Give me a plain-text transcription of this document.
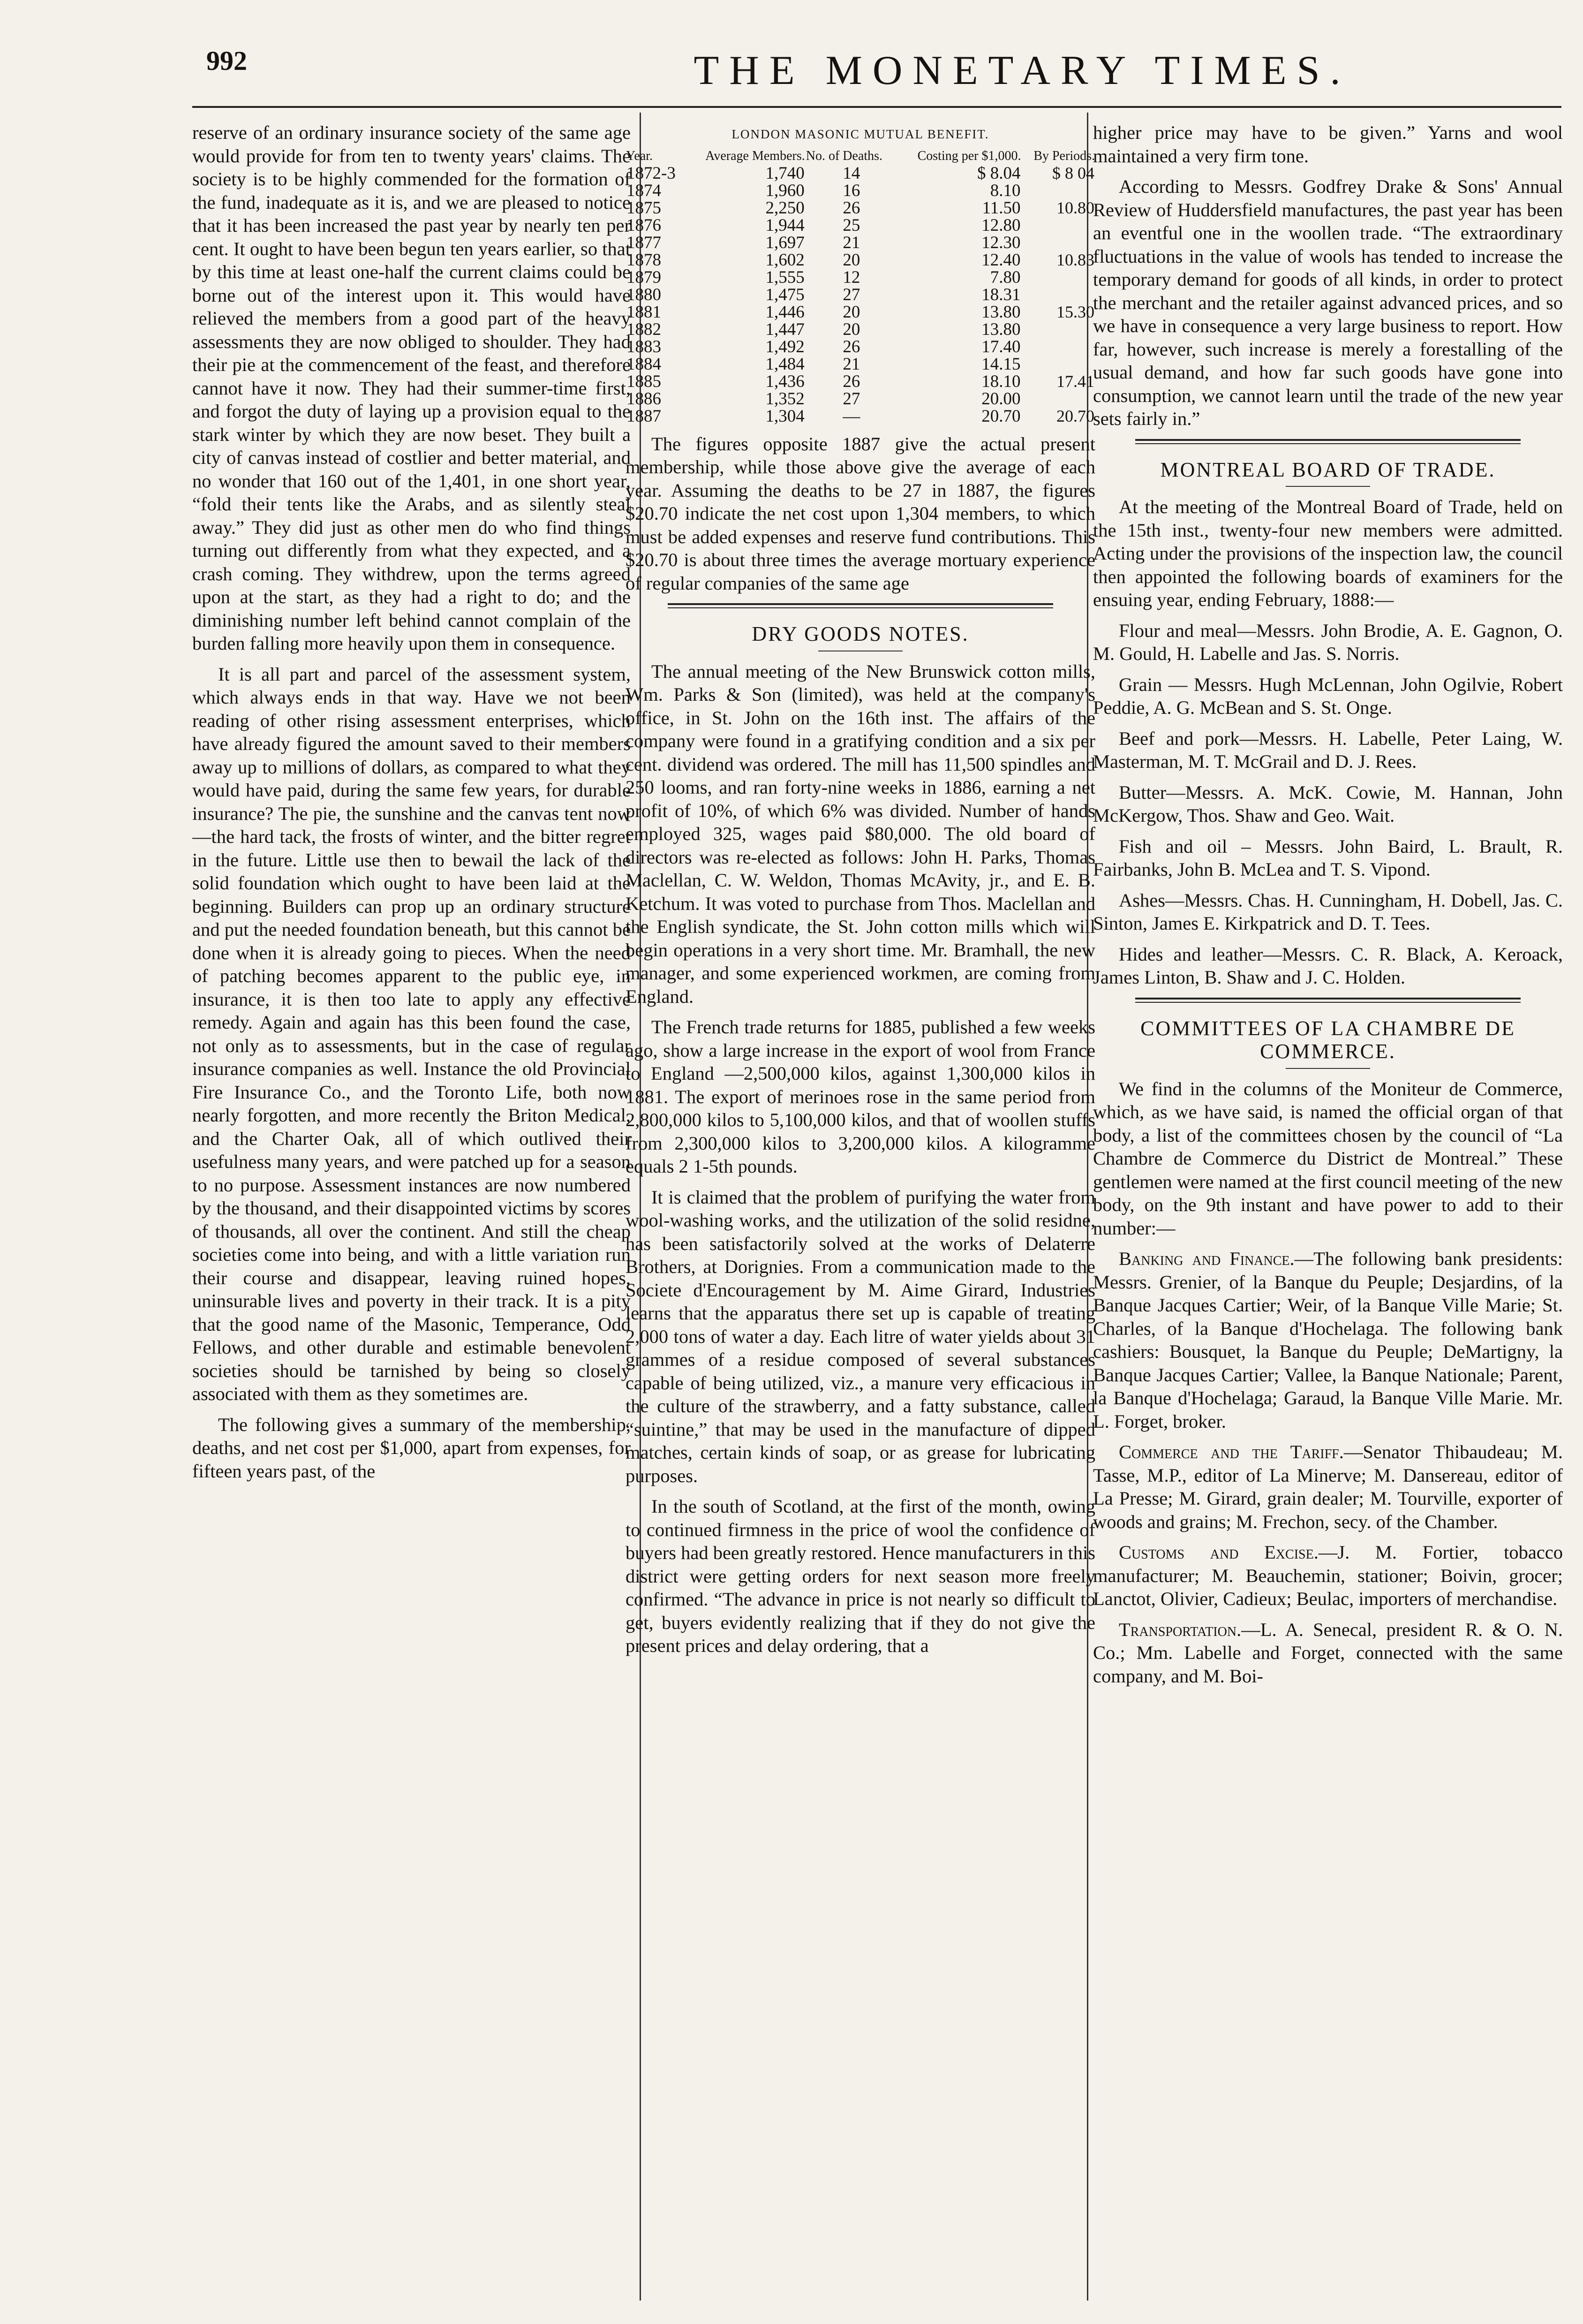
992	THE MONETARY TIMES.

reserve of an ordinary insurance society of the same age would provide for from ten to twenty years' claims. The society is to be highly commended for the formation of the fund, inadequate as it is, and we are pleased to notice that it has been increased the past year by nearly ten per cent. It ought to have been begun ten years earlier, so that by this time at least one-half the current claims could be borne out of the interest upon it. This would have relieved the members from a good part of the heavy assessments they are now obliged to shoulder. They had their pie at the commencement of the feast, and therefore cannot have it now. They had their summer-time first, and forgot the duty of laying up a provision equal to the stark winter by which they are now beset. They built a city of canvas instead of costlier and better material, and no wonder that 160 out of the 1,401, in one short year, “fold their tents like the Arabs, and as silently steal away.” They did just as other men do who find things turning out differently from what they expected, and a crash coming. They withdrew, upon the terms agreed upon at the start, as they had a right to do; and the diminishing number left behind cannot complain of the burden falling more heavily upon them in consequence.

It is all part and parcel of the assessment system, which always ends in that way. Have we not been reading of other rising assessment enterprises, which have already figured the amount saved to their members away up to millions of dollars, as compared to what they would have paid, during the same few years, for durable insurance? The pie, the sunshine and the canvas tent now—the hard tack, the frosts of winter, and the bitter regret in the future. Little use then to bewail the lack of the solid foundation which ought to have been laid at the beginning. Builders can prop up an ordinary structure and put the needed foundation beneath, but this cannot be done when it is already going to pieces. When the need of patching becomes apparent to the public eye, in insurance, it is then too late to apply any effective remedy. Again and again has this been found the case, not only as to assessments, but in the case of regular insurance companies as well. Instance the old Provincial Fire Insurance Co., and the Toronto Life, both now nearly forgotten, and more recently the Briton Medical, and the Charter Oak, all of which outlived their usefulness many years, and were patched up for a season to no purpose. Assessment instances are now numbered by the thousand, and their disappointed victims by scores of thousands, all over the continent. And still the cheap societies come into being, and with a little variation run their course and disappear, leaving ruined hopes, uninsurable lives and poverty in their track. It is a pity that the good name of the Masonic, Temperance, Odd Fellows, and other durable and estimable benevolent societies should be tarnished by being so closely associated with them as they sometimes are.

The following gives a summary of the membership, deaths, and net cost per $1,000, apart from expenses, for fifteen years past, of the

LONDON MASONIC MUTUAL BENEFIT.
Year.	Average Members.	No. of Deaths.	Costing per $1,000.	By Periods.
1872-3	1,740	14	$ 8.04	$ 8 04
1874	1,960	16	8.10	
1875	2,250	26	11.50	10.80
1876	1,944	25	12.80	
1877	1,697	21	12.30	
1878	1,602	20	12.40	10.83
1879	1,555	12	7.80	
1880	1,475	27	18.31	
1881	1,446	20	13.80	15.30
1882	1,447	20	13.80	
1883	1,492	26	17.40	
1884	1,484	21	14.15	
1885	1,436	26	18.10	17.41
1886	1,352	27	20.00	
1887	1,304	—	20.70	20.70

The figures opposite 1887 give the actual present membership, while those above give the average of each year. Assuming the deaths to be 27 in 1887, the figures $20.70 indicate the net cost upon 1,304 members, to which must be added expenses and reserve fund contributions. This $20.70 is about three times the average mortuary experience of regular companies of the same age

DRY GOODS NOTES.

The annual meeting of the New Brunswick cotton mills, Wm. Parks & Son (limited), was held at the company's office, in St. John on the 16th inst. The affairs of the company were found in a gratifying condition and a six per cent. dividend was ordered. The mill has 11,500 spindles and 250 looms, and ran forty-nine weeks in 1886, earning a net profit of 10%, of which 6% was divided. Number of hands employed 325, wages paid $80,000. The old board of directors was re-elected as follows: John H. Parks, Thomas Maclellan, C. W. Weldon, Thomas McAvity, jr., and E. B. Ketchum. It was voted to purchase from Thos. Maclellan and the English syndicate, the St. John cotton mills which will begin operations in a very short time. Mr. Bramhall, the new manager, and some experienced workmen, are coming from England.

The French trade returns for 1885, published a few weeks ago, show a large increase in the export of wool from France to England —2,500,000 kilos, against 1,300,000 kilos in 1881. The export of merinoes rose in the same period from 2,800,000 kilos to 5,100,000 kilos, and that of woollen stuffs from 2,300,000 kilos to 3,200,000 kilos. A kilogramme equals 2 1-5th pounds.

It is claimed that the problem of purifying the water from wool-washing works, and the utilization of the solid residne, has been satisfactorily solved at the works of Delaterre Brothers, at Dorignies. From a communication made to the Societe d'Encouragement by M. Aime Girard, Industries learns that the apparatus there set up is capable of treating 2,000 tons of water a day. Each litre of water yields about 31 grammes of a residue composed of several substances capable of being utilized, viz., a manure very efficacious in the culture of the strawberry, and a fatty substance, called “suintine,” that may be used in the manufacture of dipped matches, certain kinds of soap, or as grease for lubricating purposes.

In the south of Scotland, at the first of the month, owing to continued firmness in the price of wool the confidence of buyers had been greatly restored. Hence manufacturers in this district were getting orders for next season more freely confirmed. “The advance in price is not nearly so difficult to get, buyers evidently realizing that if they do not give the present prices and delay ordering, that a

higher price may have to be given.” Yarns and wool maintained a very firm tone.

According to Messrs. Godfrey Drake & Sons' Annual Review of Huddersfield manufactures, the past year has been an eventful one in the woollen trade. “The extraordinary fluctuations in the value of wools has tended to increase the temporary demand for goods of all kinds, in order to protect the merchant and the retailer against advanced prices, and so we have in consequence a very large business to report. How far, however, such increase is merely a forestalling of the usual demand, and how far such goods have gone into consumption, we cannot learn until the trade of the new year sets fairly in.”

MONTREAL BOARD OF TRADE.

At the meeting of the Montreal Board of Trade, held on the 15th inst., twenty-four new members were admitted. Acting under the provisions of the inspection law, the council then appointed the following boards of examiners for the ensuing year, ending February, 1888:—

Flour and meal—Messrs. John Brodie, A. E. Gagnon, O. M. Gould, H. Labelle and Jas. S. Norris.

Grain — Messrs. Hugh McLennan, John Ogilvie, Robert Peddie, A. G. McBean and S. St. Onge.

Beef and pork—Messrs. H. Labelle, Peter Laing, W. Masterman, M. T. McGrail and D. J. Rees.

Butter—Messrs. A. McK. Cowie, M. Hannan, John McKergow, Thos. Shaw and Geo. Wait.

Fish and oil – Messrs. John Baird, L. Brault, R. Fairbanks, John B. McLea and T. S. Vipond.

Ashes—Messrs. Chas. H. Cunningham, H. Dobell, Jas. C. Sinton, James E. Kirkpatrick and D. T. Tees.

Hides and leather—Messrs. C. R. Black, A. Keroack, James Linton, B. Shaw and J. C. Holden.

COMMITTEES OF LA CHAMBRE DE COMMERCE.

We find in the columns of the Moniteur de Commerce, which, as we have said, is named the official organ of that body, a list of the committees chosen by the council of “La Chambre de Commerce du District de Montreal.” These gentlemen were named at the first council meeting of the new body, on the 9th instant and have power to add to their number:—

Banking and Finance.—The following bank presidents: Messrs. Grenier, of la Banque du Peuple; Desjardins, of la Banque Jacques Cartier; Weir, of la Banque Ville Marie; St. Charles, of la Banque d'Hochelaga. The following bank cashiers: Bousquet, la Banque du Peuple; DeMartigny, la Banque Jacques Cartier; Vallee, la Banque Nationale; Parent, la Banque d'Hochelaga; Garaud, la Banque Ville Marie. Mr. L. Forget, broker.

Commerce and the Tariff.—Senator Thibaudeau; M. Tasse, M.P., editor of La Minerve; M. Dansereau, editor of La Presse; M. Girard, grain dealer; M. Tourville, exporter of woods and grains; M. Frechon, secy. of the Chamber.

Customs and Excise.—J. M. Fortier, tobacco manufacturer; M. Beauchemin, stationer; Boivin, grocer; Lanctot, Olivier, Cadieux; Beulac, importers of merchandise.

Transportation.—L. A. Senecal, president R. & O. N. Co.; Mm. Labelle and Forget, connected with the same company, and M. Boi-
